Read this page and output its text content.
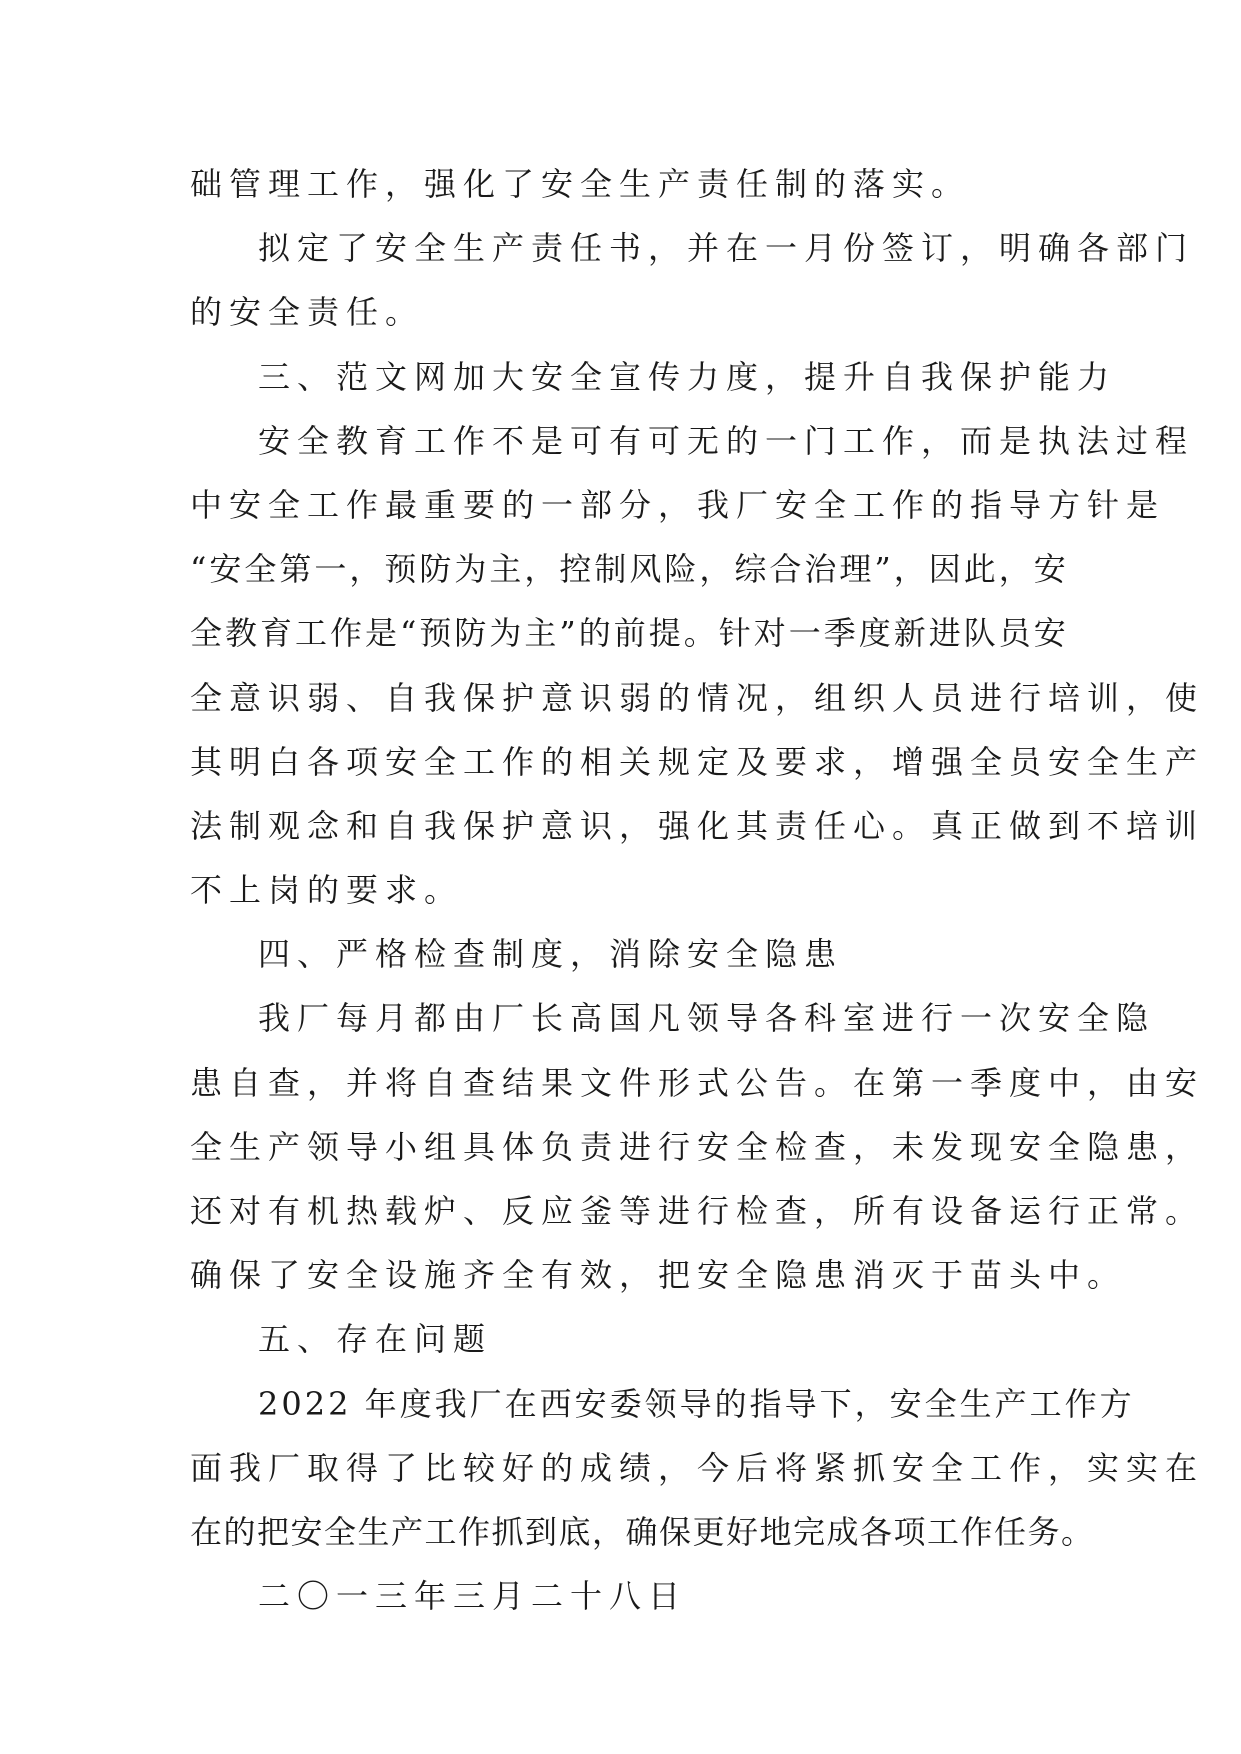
础管理工作，强化了安全生产责任制的落实。
拟定了安全生产责任书，并在一月份签订，明确各部门
的安全责任。
三、范文网加大安全宣传力度，提升自我保护能力
安全教育工作不是可有可无的一门工作，而是执法过程
中安全工作最重要的一部分，我厂安全工作的指导方针是
“安全第一，预防为主，控制风险，综合治理”，因此，安
全教育工作是“预防为主”的前提。针对一季度新进队员安
全意识弱、自我保护意识弱的情况，组织人员进行培训，使
其明白各项安全工作的相关规定及要求，增强全员安全生产
法制观念和自我保护意识，强化其责任心。真正做到不培训
不上岗的要求。
四、严格检查制度，消除安全隐患
我厂每月都由厂长高国凡领导各科室进行一次安全隐
患自查，并将自查结果文件形式公告。在第一季度中，由安
全生产领导小组具体负责进行安全检查，未发现安全隐患，
还对有机热载炉、反应釜等进行检查，所有设备运行正常。
确保了安全设施齐全有效，把安全隐患消灭于苗头中。
五、存在问题
2022 年度我厂在西安委领导的指导下，安全生产工作方
面我厂取得了比较好的成绩，今后将紧抓安全工作，实实在
在的把安全生产工作抓到底，确保更好地完成各项工作任务。
二〇一三年三月二十八日
